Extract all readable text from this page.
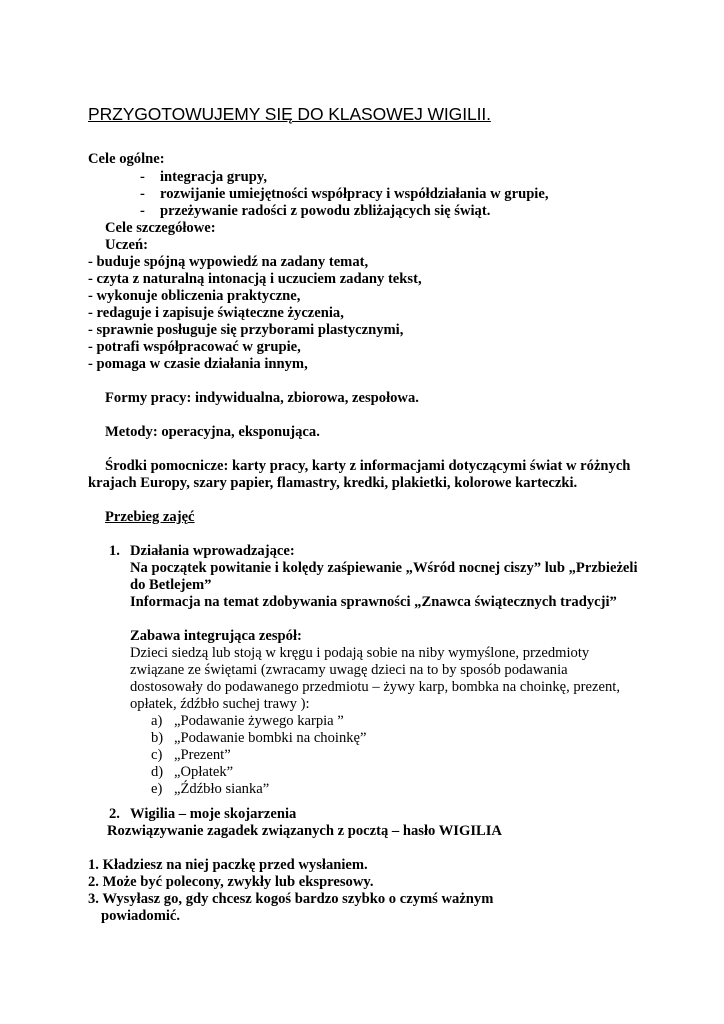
PRZYGOTOWUJEMY SIĘ DO KLASOWEJ WIGILII.
Cele ogólne:
- integracja grupy,
- rozwijanie umiejętności współpracy i współdziałania w grupie,
- przeżywanie radości z powodu zbliżających się świąt.
Cele szczegółowe:
Uczeń:
- buduje spójną wypowiedź na zadany temat,
- czyta z naturalną intonacją i uczuciem zadany tekst,
- wykonuje obliczenia praktyczne,
- redaguje i zapisuje świąteczne życzenia,
- sprawnie posługuje się przyborami plastycznymi,
- potrafi współpracować w grupie,
- pomaga w czasie działania innym,
Formy pracy: indywidualna, zbiorowa, zespołowa.
Metody: operacyjna, eksponująca.
Środki pomocnicze: karty pracy, karty z informacjami dotyczącymi świat w różnych
krajach Europy, szary papier, flamastry, kredki, plakietki, kolorowe karteczki.
Przebieg zajęć
1. Działania wprowadzające:
Na początek powitanie i kolędy zaśpiewanie „Wśród nocnej ciszy” lub „Przbieżeli
do Betlejem”
Informacja na temat zdobywania sprawności „Znawca świątecznych tradycji”
Zabawa integrująca zespół:
Dzieci siedzą lub stoją w kręgu i podają sobie na niby wymyślone, przedmioty
związane ze świętami (zwracamy uwagę dzieci na to by sposób podawania
dostosowały do podawanego przedmiotu – żywy karp, bombka na choinkę, prezent,
opłatek, źdźbło suchej trawy ):
a) „Podawanie żywego karpia ”
b) „Podawanie bombki na choinkę”
c) „Prezent”
d) „Opłatek”
e) „Źdźbło sianka”
2. Wigilia – moje skojarzenia
Rozwiązywanie zagadek związanych z pocztą – hasło WIGILIA
1. Kładziesz na niej paczkę przed wysłaniem.
2. Może być polecony, zwykły lub ekspresowy.
3. Wysyłasz go, gdy chcesz kogoś bardzo szybko o czymś ważnym
powiadomić.
